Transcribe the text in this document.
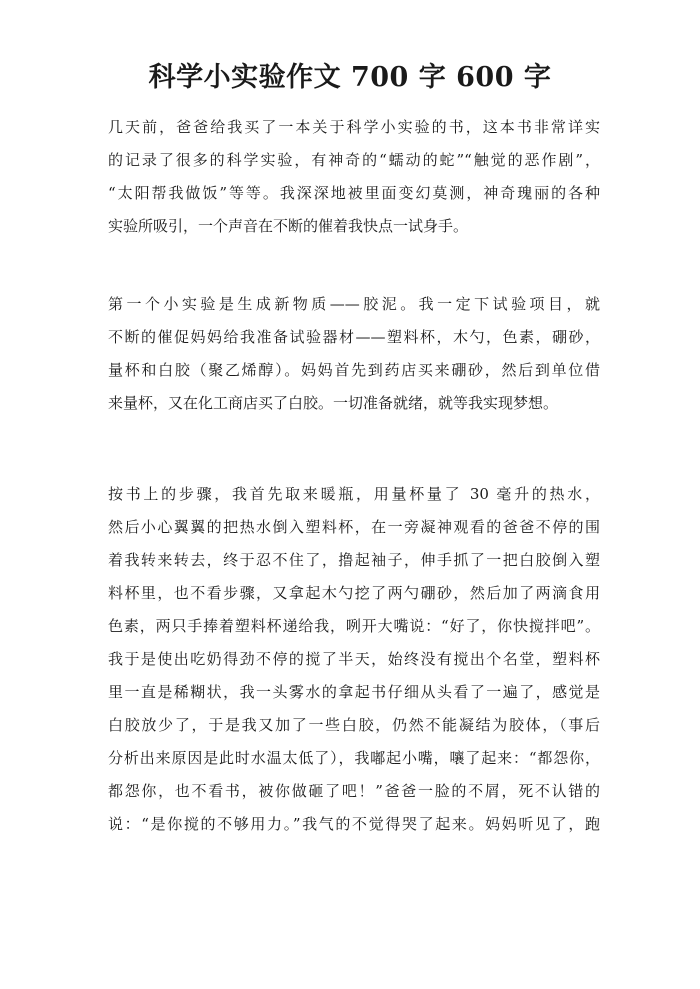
科学小实验作文 700 字 600 字
几天前，爸爸给我买了一本关于科学小实验的书，这本书非常详实
的记录了很多的科学实验，有神奇的“蠕动的蛇”“触觉的恶作剧”，
“太阳帮我做饭”等等。我深深地被里面变幻莫测，神奇瑰丽的各种
实验所吸引，一个声音在不断的催着我快点一试身手。
第一个小实验是生成新物质——胶泥。我一定下试验项目，就
不断的催促妈妈给我准备试验器材——塑料杯，木勺，色素，硼砂，
量杯和白胶（聚乙烯醇）。妈妈首先到药店买来硼砂，然后到单位借
来量杯，又在化工商店买了白胶。一切准备就绪，就等我实现梦想。
按书上的步骤，我首先取来暖瓶，用量杯量了 30 毫升的热水，
然后小心翼翼的把热水倒入塑料杯，在一旁凝神观看的爸爸不停的围
着我转来转去，终于忍不住了，撸起袖子，伸手抓了一把白胶倒入塑
料杯里，也不看步骤，又拿起木勺挖了两勺硼砂，然后加了两滴食用
色素，两只手捧着塑料杯递给我，咧开大嘴说：“好了，你快搅拌吧”。
我于是使出吃奶得劲不停的搅了半天，始终没有搅出个名堂，塑料杯
里一直是稀糊状，我一头雾水的拿起书仔细从头看了一遍了，感觉是
白胶放少了，于是我又加了一些白胶，仍然不能凝结为胶体，（事后
分析出来原因是此时水温太低了），我嘟起小嘴，嚷了起来：“都怨你，
都怨你，也不看书，被你做砸了吧！”爸爸一脸的不屑，死不认错的
说：“是你搅的不够用力。”我气的不觉得哭了起来。妈妈听见了，跑
